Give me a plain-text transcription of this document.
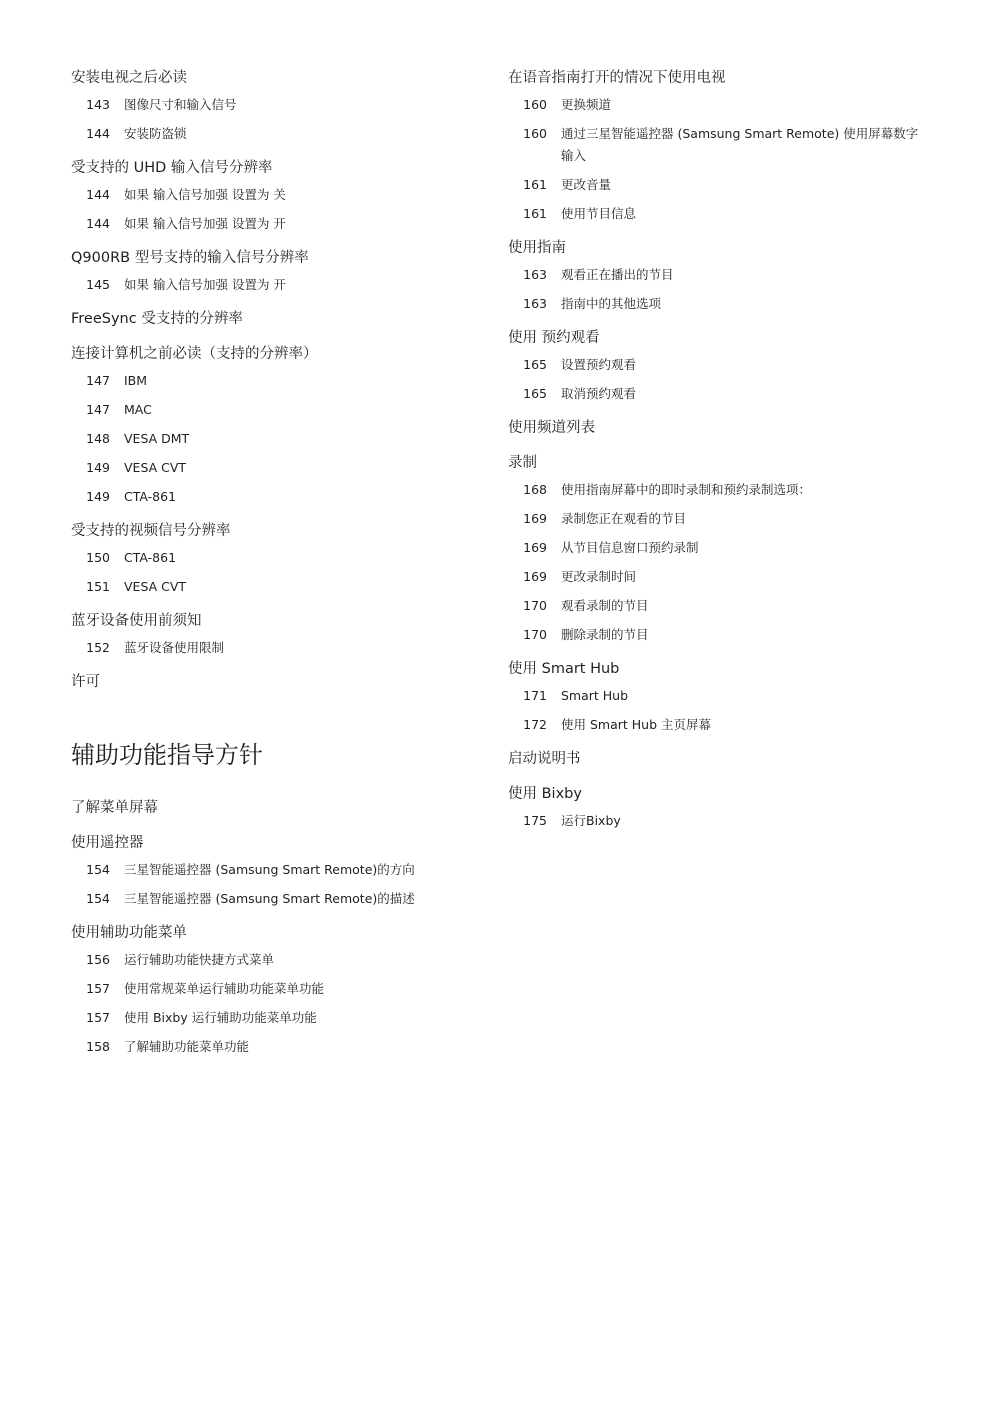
安装电视之后必读
143	图像尺寸和输入信号
144	安装防盗锁
受支持的 UHD 输入信号分辨率
144	如果 输入信号加强 设置为 关
144	如果 输入信号加强 设置为 开
Q900RB 型号支持的输入信号分辨率
145	如果 输入信号加强 设置为 开
FreeSync 受支持的分辨率
连接计算机之前必读（支持的分辨率）
147	IBM
147	MAC
148	VESA DMT
149	VESA CVT
149	CTA-861
受支持的视频信号分辨率
150	CTA-861
151	VESA CVT
蓝牙设备使用前须知
152	蓝牙设备使用限制
许可
辅助功能指导方针
了解菜单屏幕
使用遥控器
154	三星智能遥控器 (Samsung Smart Remote)的方向
154	三星智能遥控器 (Samsung Smart Remote)的描述
使用辅助功能菜单
156	运行辅助功能快捷方式菜单
157	使用常规菜单运行辅助功能菜单功能
157	使用 Bixby 运行辅助功能菜单功能
158	了解辅助功能菜单功能
在语音指南打开的情况下使用电视
160	更换频道
160	通过三星智能遥控器 (Samsung Smart Remote) 使用屏幕数字输入
161	更改音量
161	使用节目信息
使用指南
163	观看正在播出的节目
163	指南中的其他选项
使用 预约观看
165	设置预约观看
165	取消预约观看
使用频道列表
录制
168	使用指南屏幕中的即时录制和预约录制选项：
169	录制您正在观看的节目
169	从节目信息窗口预约录制
169	更改录制时间
170	观看录制的节目
170	删除录制的节目
使用 Smart Hub
171	Smart Hub
172	使用 Smart Hub 主页屏幕
启动说明书
使用 Bixby
175	运行Bixby
